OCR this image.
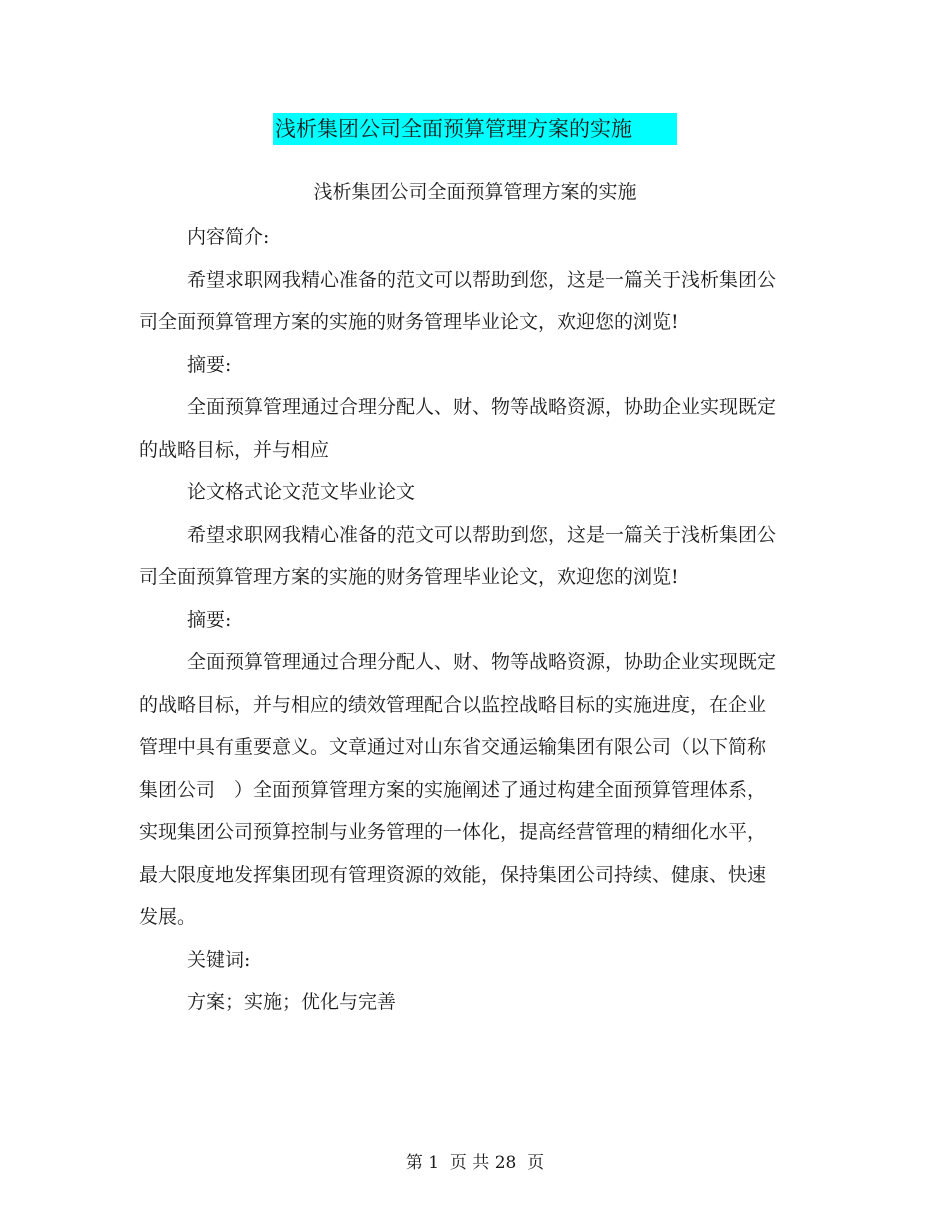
浅析集团公司全面预算管理方案的实施
浅析集团公司全面预算管理方案的实施

内容简介:

希望求职网我精心准备的范文可以帮助到您，这是一篇关于浅析集团公司全面预算管理方案的实施的财务管理毕业论文，欢迎您的浏览!

摘要:

全面预算管理通过合理分配人、财、物等战略资源，协助企业实现既定的战略目标，并与相应

论文格式论文范文毕业论文

希望求职网我精心准备的范文可以帮助到您，这是一篇关于浅析集团公司全面预算管理方案的实施的财务管理毕业论文，欢迎您的浏览!

摘要:

全面预算管理通过合理分配人、财、物等战略资源，协助企业实现既定的战略目标，并与相应的绩效管理配合以监控战略目标的实施进度，在企业管理中具有重要意义。文章通过对山东省交通运输集团有限公司（以下简称　集团公司　）全面预算管理方案的实施阐述了通过构建全面预算管理体系，实现集团公司预算控制与业务管理的一体化，提高经营管理的精细化水平，最大限度地发挥集团现有管理资源的效能，保持集团公司持续、健康、快速发展。

关键词:

方案；实施；优化与完善

第 1  页 共 28  页
